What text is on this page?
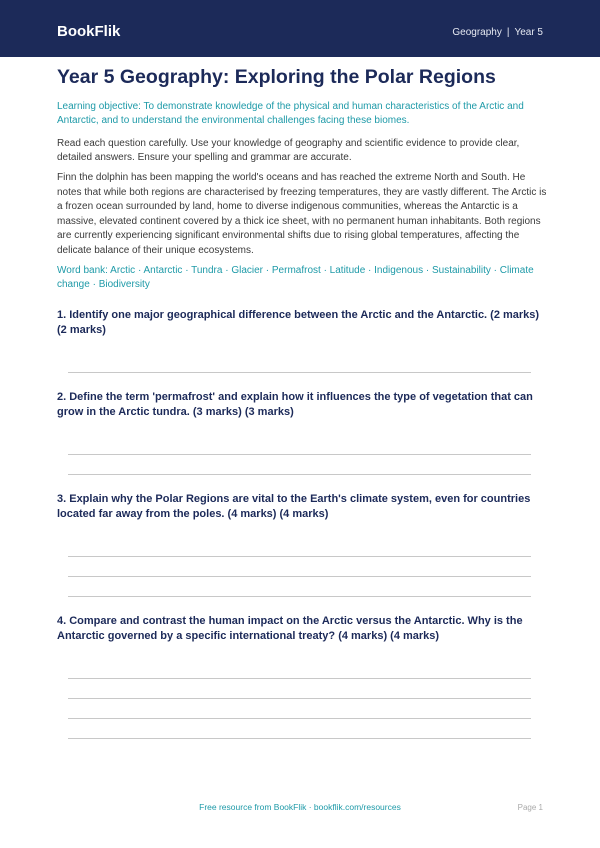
BookFlik	Geography | Year 5
Year 5 Geography: Exploring the Polar Regions

Learning objective: To demonstrate knowledge of the physical and human characteristics of the Arctic and Antarctic, and to understand the environmental challenges facing these biomes.

Read each question carefully. Use your knowledge of geography and scientific evidence to provide clear, detailed answers. Ensure your spelling and grammar are accurate.

Finn the dolphin has been mapping the world's oceans and has reached the extreme North and South. He notes that while both regions are characterised by freezing temperatures, they are vastly different. The Arctic is a frozen ocean surrounded by land, home to diverse indigenous communities, whereas the Antarctic is a massive, elevated continent covered by a thick ice sheet, with no permanent human inhabitants. Both regions are currently experiencing significant environmental shifts due to rising global temperatures, affecting the delicate balance of their unique ecosystems.

Word bank: Arctic · Antarctic · Tundra · Glacier · Permafrost · Latitude · Indigenous · Sustainability · Climate change · Biodiversity

1. Identify one major geographical difference between the Arctic and the Antarctic. (2 marks) (2 marks)

2. Define the term 'permafrost' and explain how it influences the type of vegetation that can grow in the Arctic tundra. (3 marks) (3 marks)

3. Explain why the Polar Regions are vital to the Earth's climate system, even for countries located far away from the poles. (4 marks) (4 marks)

4. Compare and contrast the human impact on the Arctic versus the Antarctic. Why is the Antarctic governed by a specific international treaty? (4 marks) (4 marks)

Free resource from BookFlik · bookflik.com/resources	Page 1
